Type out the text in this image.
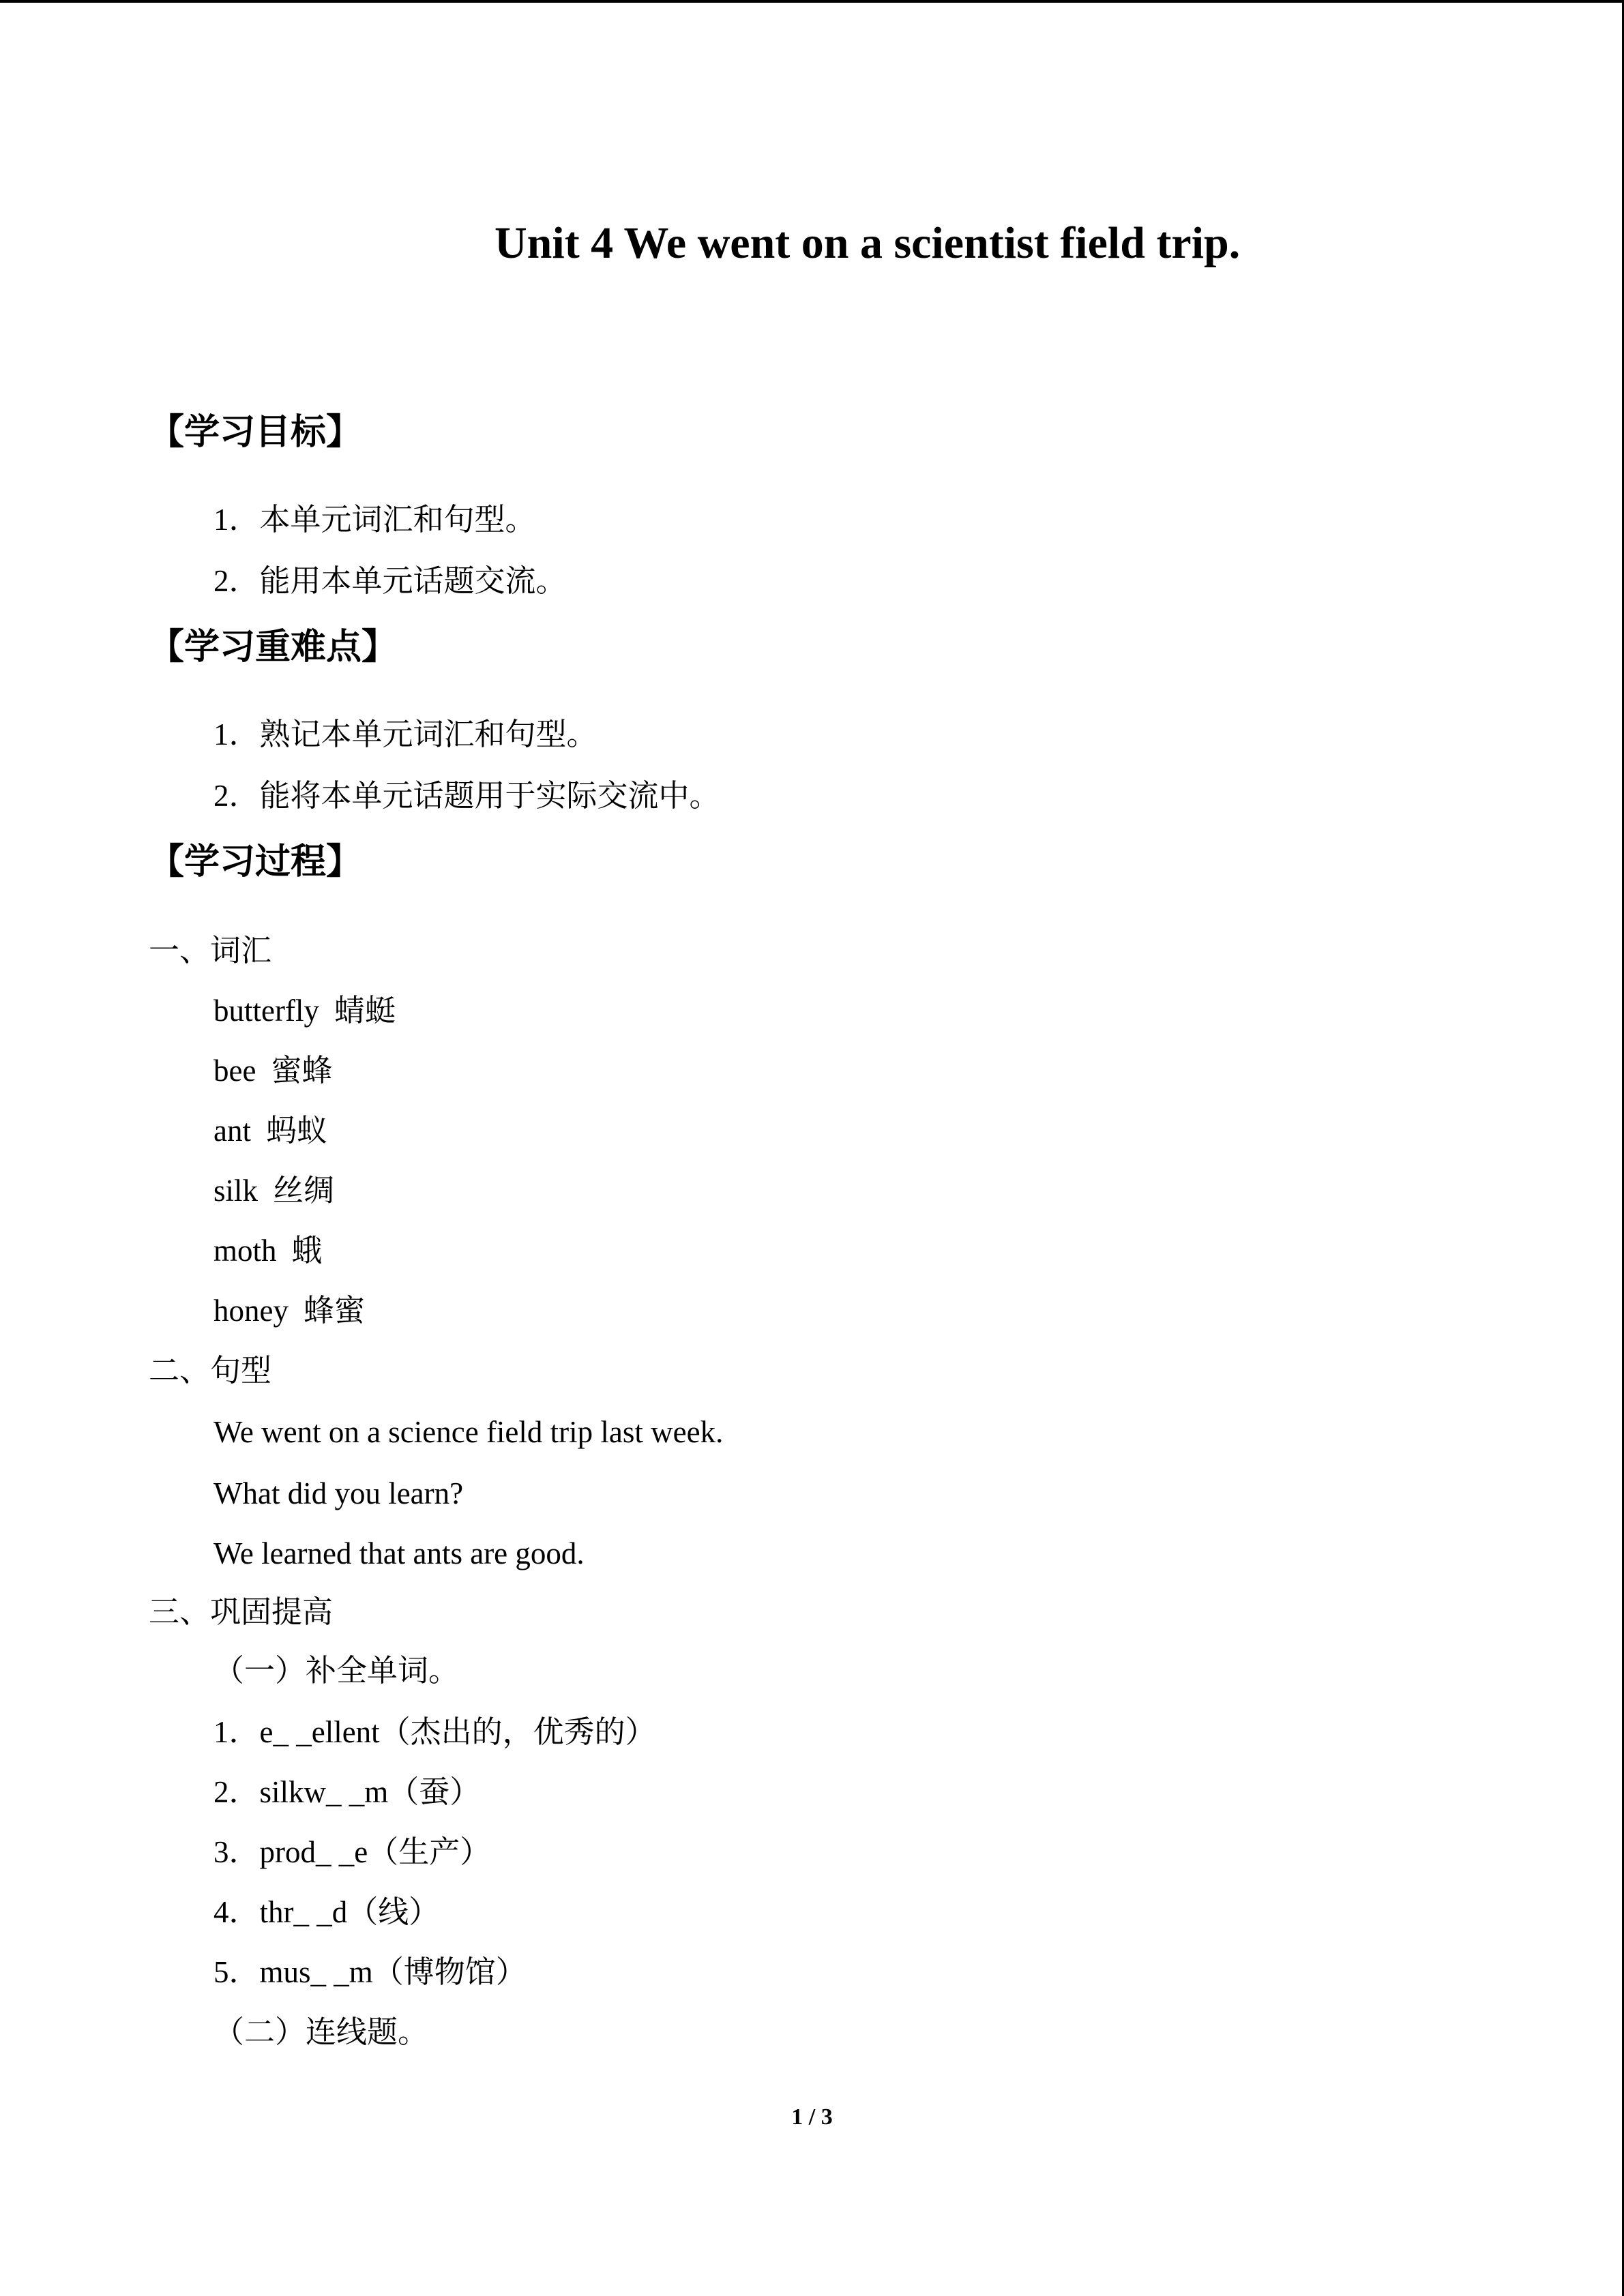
Unit 4 We went on a scientist field trip.
【学习目标】
1．本单元词汇和句型。
2．能用本单元话题交流。
【学习重难点】
1．熟记本单元词汇和句型。
2．能将本单元话题用于实际交流中。
【学习过程】
一、词汇
butterfly 蜻蜓
bee 蜜蜂
ant 蚂蚁
silk 丝绸
moth 蛾
honey 蜂蜜
二、句型
We went on a science field trip last week.
What did you learn?
We learned that ants are good.
三、巩固提高
（一）补全单词。
1．e_ _ellent（杰出的，优秀的）
2．silkw_ _m（蚕）
3．prod_ _e（生产）
4．thr_ _d（线）
5．mus_ _m（博物馆）
（二）连线题。
1 / 3
